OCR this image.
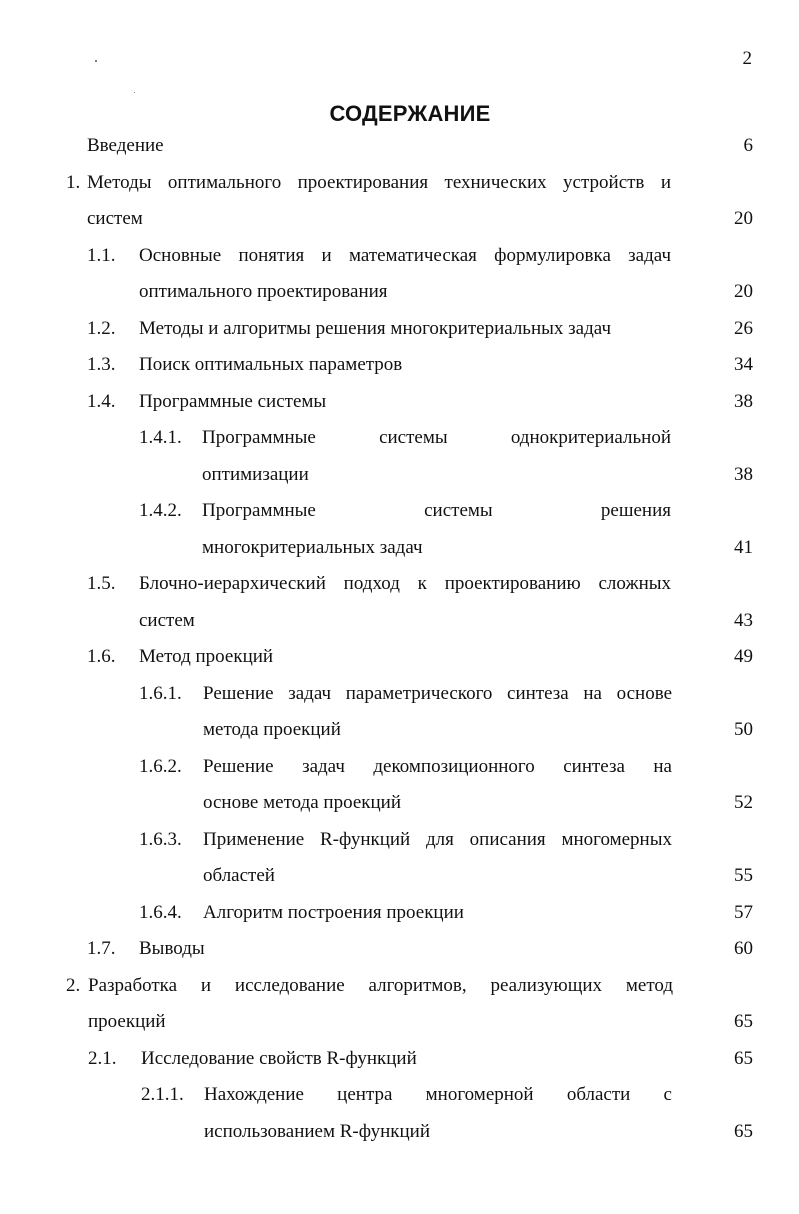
2
СОДЕРЖАНИЕ
Введение	6
1. Методы оптимального проектирования технических устройств и
систем	20
1.1. Основные понятия и математическая формулировка задач
оптимального проектирования	20
1.2. Методы и алгоритмы решения многокритериальных задач	26
1.3. Поиск оптимальных параметров	34
1.4. Программные системы	38
1.4.1. Программные системы однокритериальной
оптимизации	38
1.4.2. Программные системы решения
многокритериальных задач	41
1.5. Блочно-иерархический подход к проектированию сложных
систем	43
1.6. Метод проекций	49
1.6.1. Решение задач параметрического синтеза на основе
метода проекций	50
1.6.2. Решение задач декомпозиционного синтеза на
основе метода проекций	52
1.6.3. Применение R-функций для описания многомерных
областей	55
1.6.4. Алгоритм построения проекции	57
1.7. Выводы	60
2. Разработка и исследование алгоритмов, реализующих метод
проекций	65
2.1. Исследование свойств R-функций	65
2.1.1. Нахождение центра многомерной области с
использованием R-функций	65
